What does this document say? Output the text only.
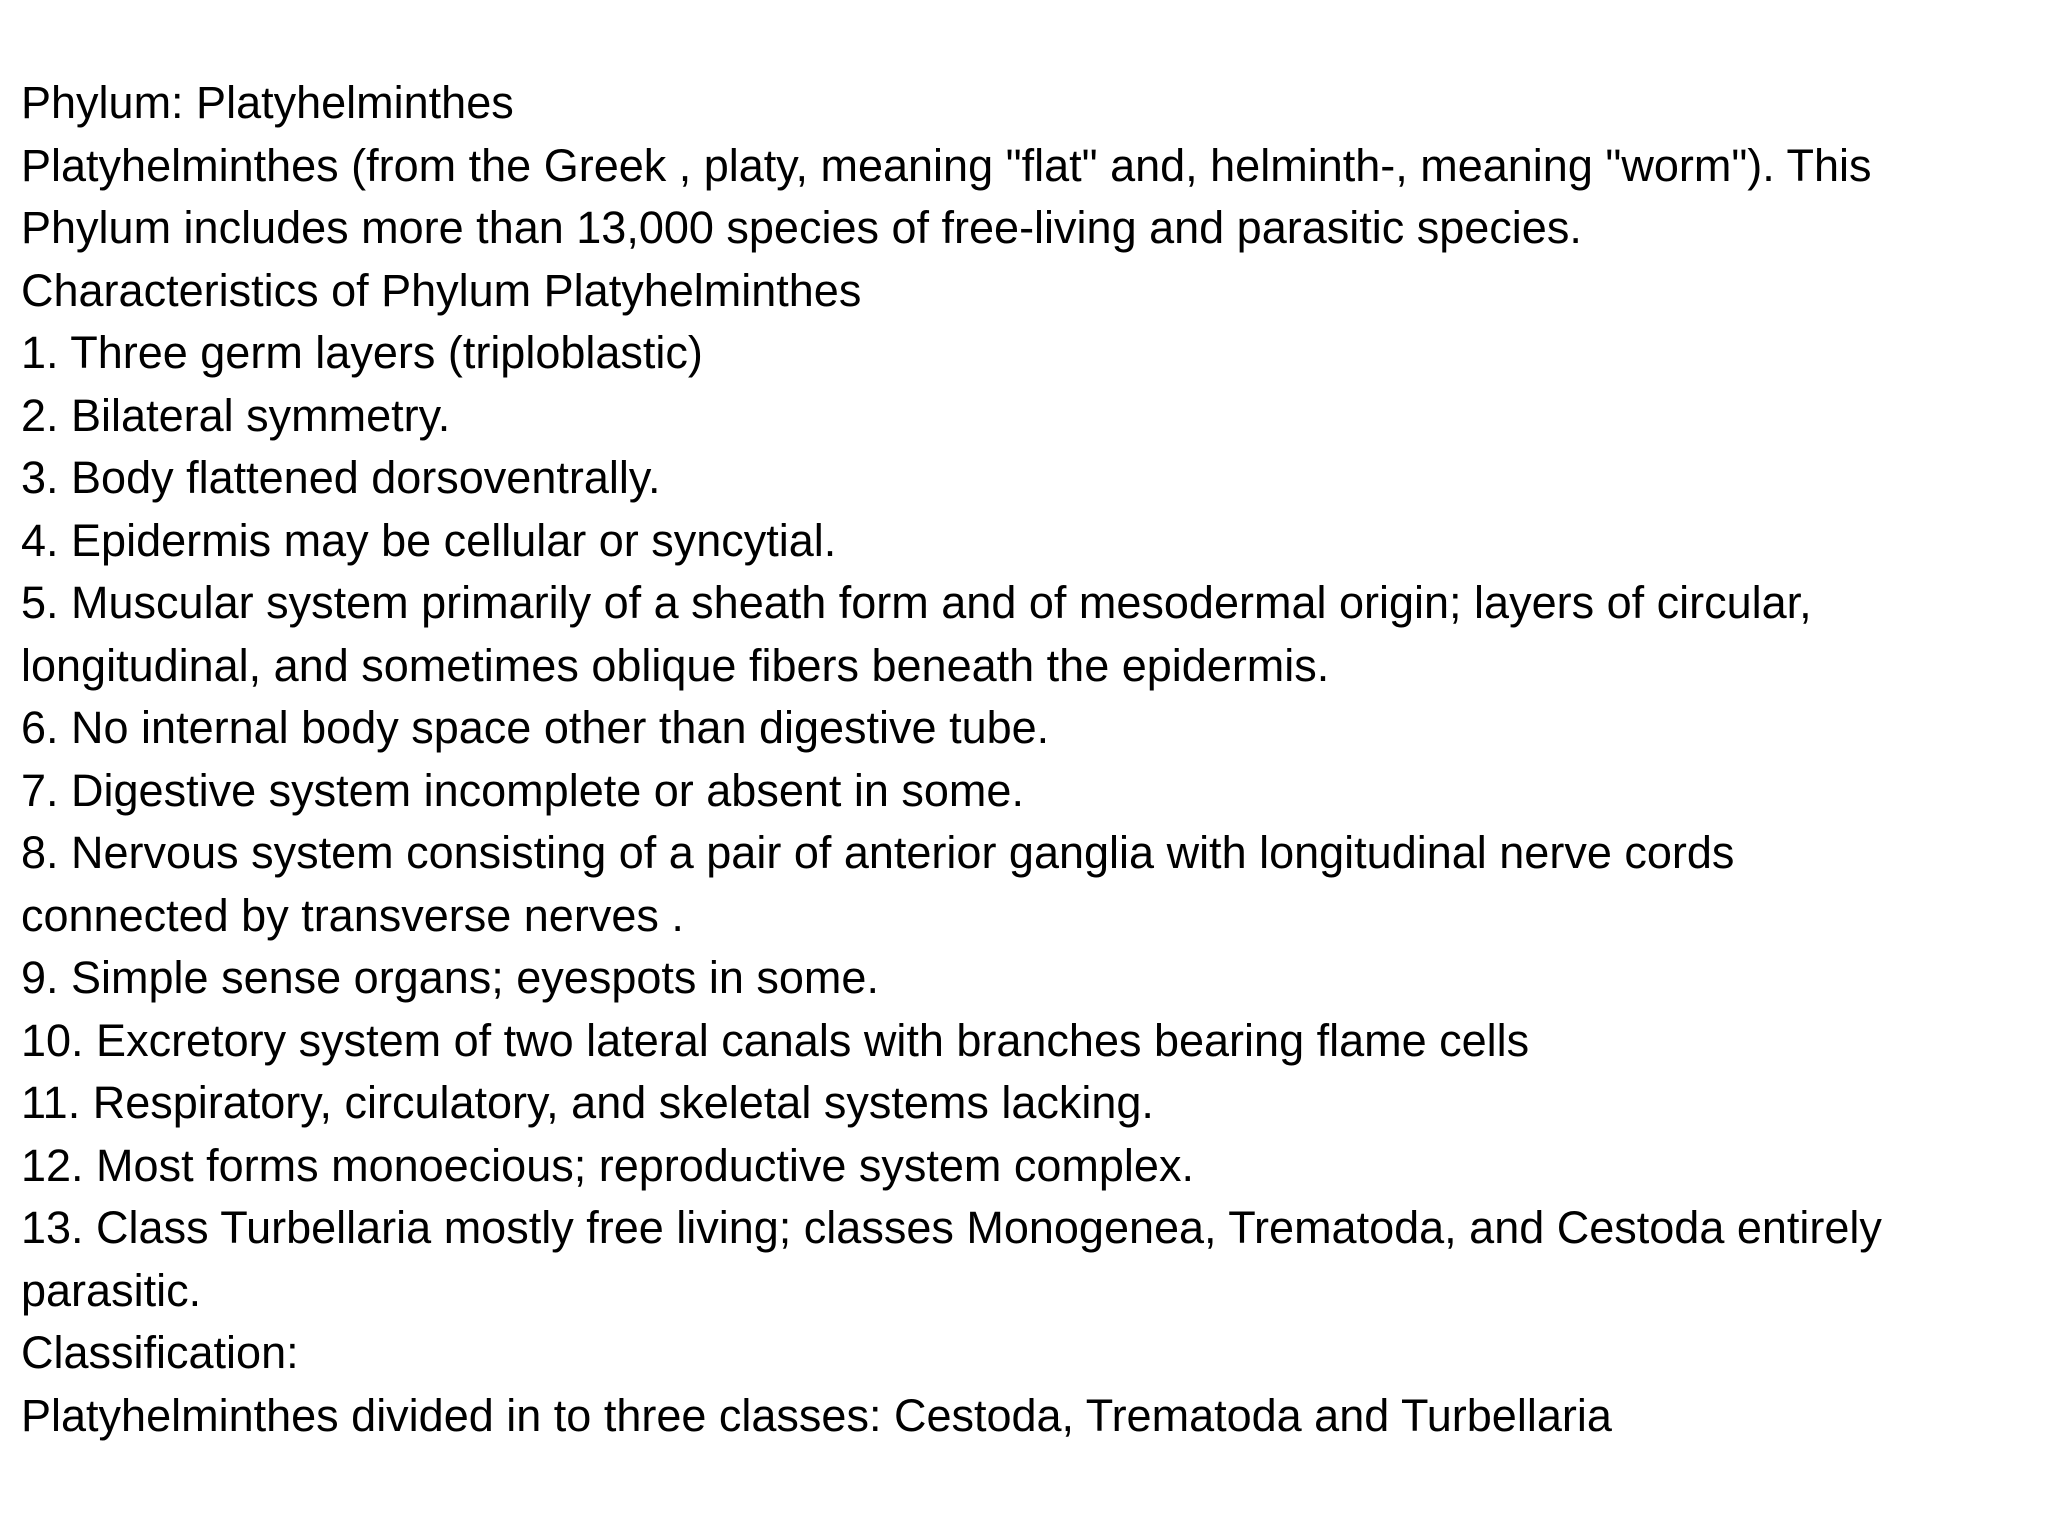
Phylum: Platyhelminthes
Platyhelminthes (from the Greek , platy, meaning "flat" and, helminth-, meaning "worm"). This
Phylum includes more than 13,000 species of free-living and parasitic species.
Characteristics of Phylum Platyhelminthes
1. Three germ layers (triploblastic)
2. Bilateral symmetry.
3. Body flattened dorsoventrally.
4. Epidermis may be cellular or syncytial.
5. Muscular system primarily of a sheath form and of mesodermal origin; layers of circular,
longitudinal, and sometimes oblique fibers beneath the epidermis.
6. No internal body space other than digestive tube.
7. Digestive system incomplete or absent in some.
8. Nervous system consisting of a pair of anterior ganglia with longitudinal nerve cords
connected by transverse nerves .
9. Simple sense organs; eyespots in some.
10. Excretory system of two lateral canals with branches bearing flame cells
11. Respiratory, circulatory, and skeletal systems lacking.
12. Most forms monoecious; reproductive system complex.
13. Class Turbellaria mostly free living; classes Monogenea, Trematoda, and Cestoda entirely
parasitic.
Classification:
Platyhelminthes divided in to three classes: Cestoda, Trematoda and Turbellaria
